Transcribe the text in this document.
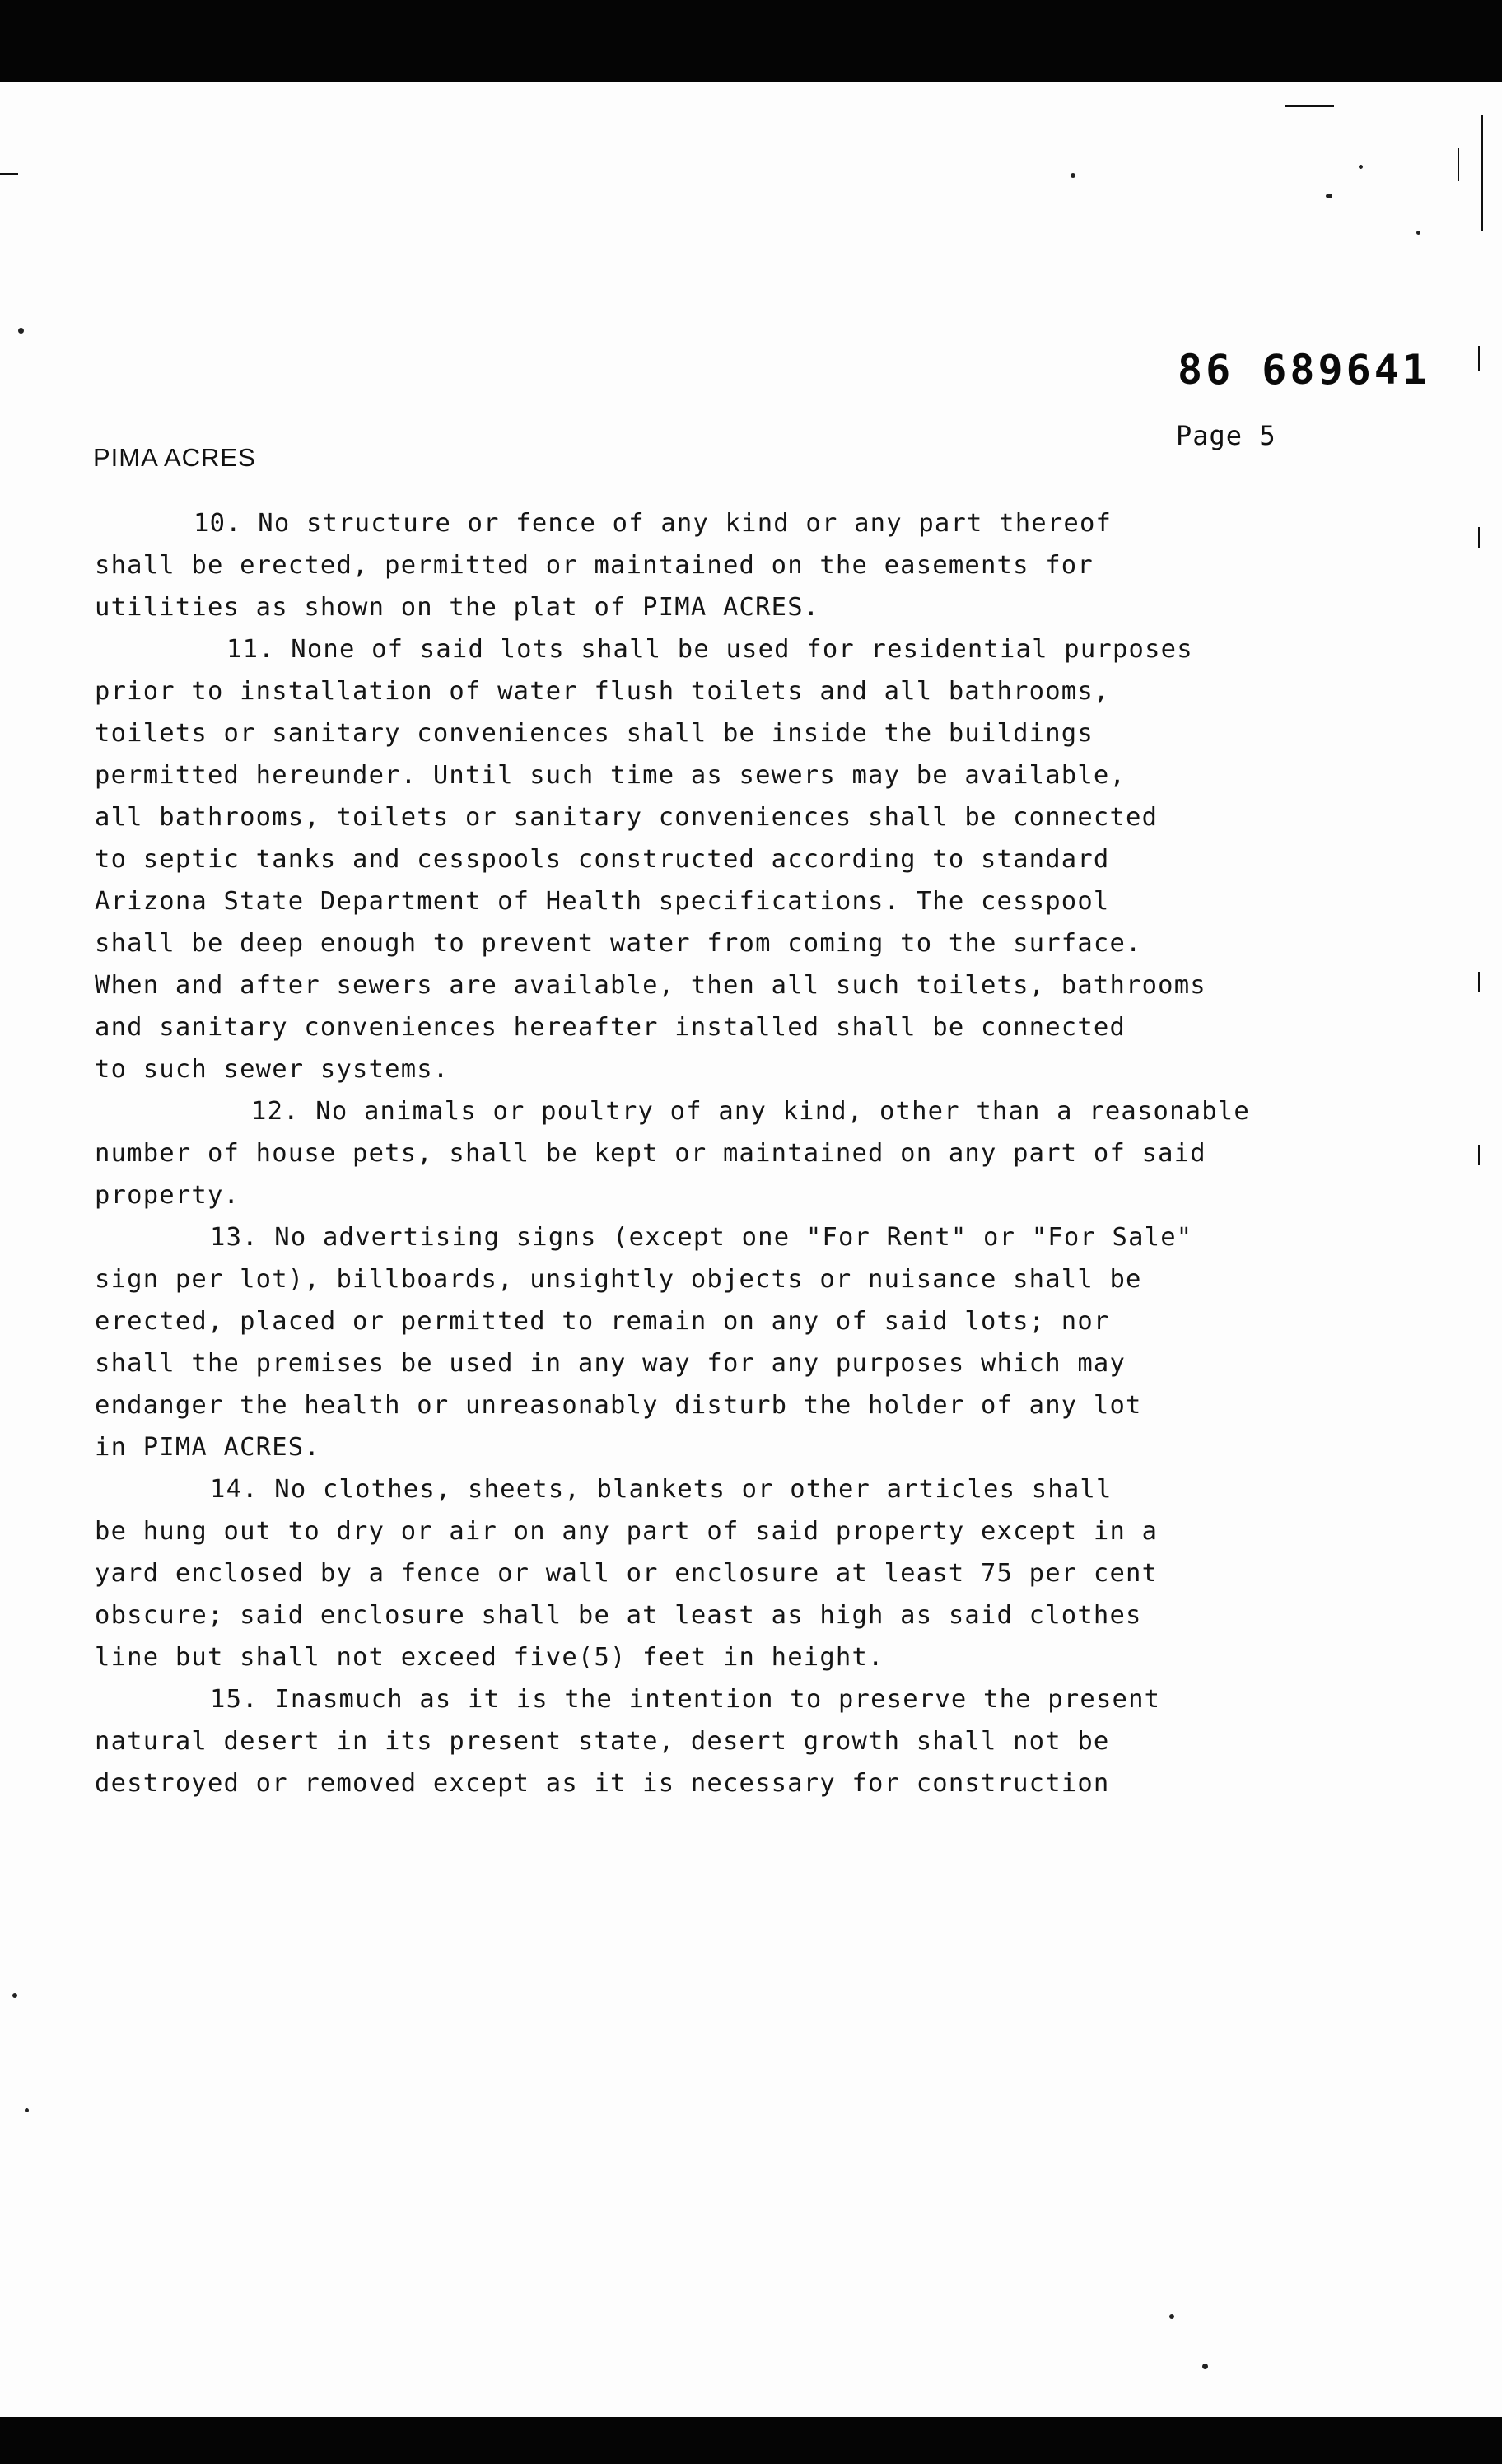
86 689641
Page 5
PIMA ACRES
10. No structure or fence of any kind or any part thereof
shall be erected, permitted or maintained on the easements for
utilities as shown on the plat of PIMA ACRES.
11. None of said lots shall be used for residential purposes
prior to installation of water flush toilets and all bathrooms,
toilets or sanitary conveniences shall be inside the buildings
permitted hereunder. Until such time as sewers may be available,
all bathrooms, toilets or sanitary conveniences shall be connected
to septic tanks and cesspools constructed according to standard
Arizona State Department of Health specifications. The cesspool
shall be deep enough to prevent water from coming to the surface.
When and after sewers are available, then all such toilets, bathrooms
and sanitary conveniences hereafter installed shall be connected
to such sewer systems.
12. No animals or poultry of any kind, other than a reasonable
number of house pets, shall be kept or maintained on any part of said
property.
13. No advertising signs (except one "For Rent" or "For Sale"
sign per lot), billboards, unsightly objects or nuisance shall be
erected, placed or permitted to remain on any of said lots; nor
shall the premises be used in any way for any purposes which may
endanger the health or unreasonably disturb the holder of any lot
in PIMA ACRES.
14. No clothes, sheets, blankets or other articles shall
be hung out to dry or air on any part of said property except in a
yard enclosed by a fence or wall or enclosure at least 75 per cent
obscure; said enclosure shall be at least as high as said clothes
line but shall not exceed five(5) feet in height.
15. Inasmuch as it is the intention to preserve the present
natural desert in its present state, desert growth shall not be
destroyed or removed except as it is necessary for construction
